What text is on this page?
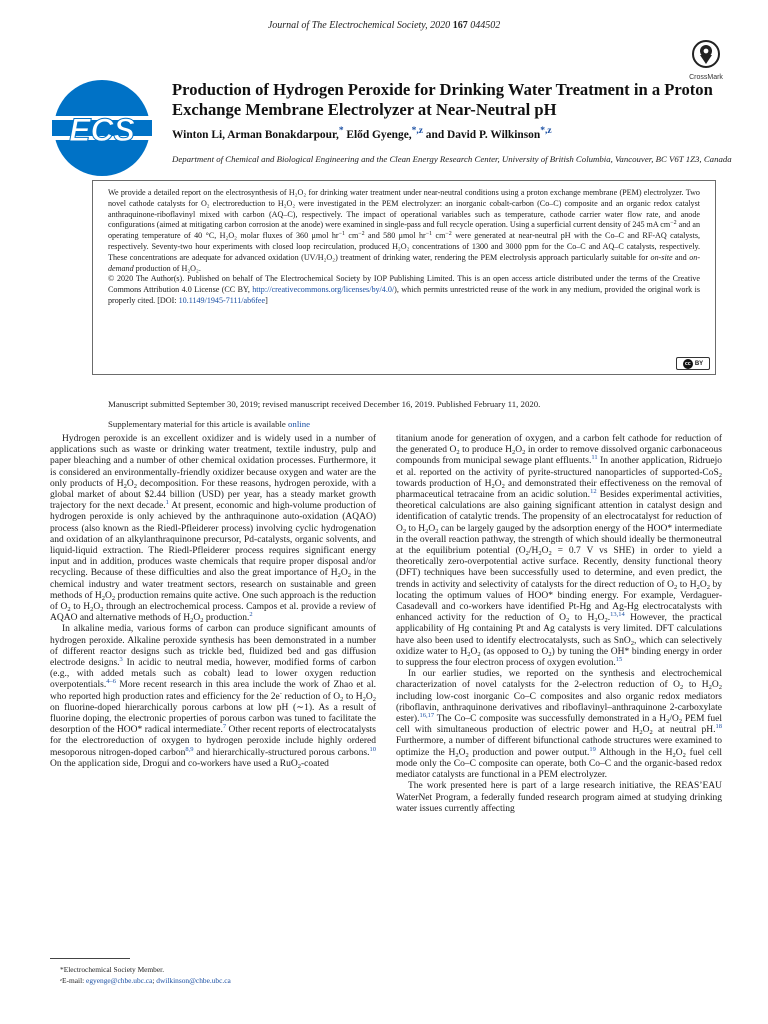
Journal of The Electrochemical Society, 2020 167 044502
ECS
CrossMark
Production of Hydrogen Peroxide for Drinking Water Treatment in a Proton Exchange Membrane Electrolyzer at Near-Neutral pH
Winton Li, Arman Bonakdarpour,* Előd Gyenge,$^{*,z}$ and David P. Wilkinson$^{*,z}$
Department of Chemical and Biological Engineering and the Clean Energy Research Center, University of British Columbia, Vancouver, BC V6T 1Z3, Canada

We provide a detailed report on the electrosynthesis of H₂O₂ for drinking water treatment under near-neutral conditions using a proton exchange membrane (PEM) electrolyzer. Two novel cathode catalysts for O₂ electroreduction to H₂O₂ were investigated in the PEM electrolyzer: an inorganic cobalt-carbon (Co–C) composite and an organic redox catalyst anthraquinone-riboflavinyl mixed with carbon (AQ–C), respectively. The impact of operational variables such as temperature, cathode carrier water flow rate, and anode configurations (aimed at mitigating carbon corrosion at the anode) were examined in single-pass and full recycle operation. Using a superficial current density of 245 mA $cm^{-2}$ and an operating temperature of 40 °C, H₂O₂ molar fluxes of 360 μmol $hr^{-1}$ $cm^{-2}$ and 580 μmol $hr^{-1}$ $cm^{-2}$ were generated at near-neutral pH with the Co–C and RF-AQ catalysts, respectively. Seventy-two hour experiments with closed loop recirculation, produced H₂O₂ concentrations of 1300 and 3000 ppm for the Co–C and AQ–C catalysts, respectively. These concentrations are adequate for advanced oxidation (UV/H₂O₂) treatment of drinking water, rendering the PEM electrolysis approach particularly suitable for on-site and on-demand production of H₂O₂.
© 2020 The Author(s). Published on behalf of The Electrochemical Society by IOP Publishing Limited. This is an open access article distributed under the terms of the Creative Commons Attribution 4.0 License (CC BY, http://creativecommons.org/licenses/by/4.0/), which permits unrestricted reuse of the work in any medium, provided the original work is properly cited. [DOI: 10.1149/1945-7111/ab6fee]

cc BY
Manuscript submitted September 30, 2019; revised manuscript received December 16, 2019. Published February 11, 2020.
Supplementary material for this article is available online

Hydrogen peroxide is an excellent oxidizer and is widely used in a number of applications such as waste or drinking water treatment, textile industry, pulp and paper bleaching and a number of other chemical oxidation processes. Furthermore, it is considered an environmentally-friendly oxidizer because oxygen and water are the only products of $H_2O_2$ decomposition. For these reasons, hydrogen peroxide, with a global market of about $2.44 billion (USD) per year, has a steady market growth trajectory for the next decade.$^1$ At present, economic and high-volume production of hydrogen peroxide is only achieved by the anthraquinone auto-oxidation (AQAO) process (also known as the Riedl-Pfleiderer process) involving cyclic hydrogenation and oxidation of an alkylanthraquinone precursor, Pd-catalysts, organic solvents, and liquid-liquid extraction. The Riedl-Pfleiderer process requires significant energy input and in addition, produces waste chemicals that require proper disposal and/or recycling. Because of these difficulties and also the great importance of $H_2O_2$ in the chemical industry and water treatment sectors, research on sustainable and green methods of $H_2O_2$ production remains quite active. One such approach is the reduction of $O_2$ to $H_2O_2$ through an electrochemical process. Campos et al. provide a review of AQAO and alternative methods of $H_2O_2$ production.$^2$

In alkaline media, various forms of carbon can produce significant amounts of hydrogen peroxide. Alkaline peroxide synthesis has been demonstrated in a number of different reactor designs such as trickle bed, fluidized bed and gas diffusion electrode designs.$^3$ In acidic to neutral media, however, modified forms of carbon (e.g., with added metals such as cobalt) lead to lower oxygen reduction overpotentials.$^{4-6}$ More recent research in this area include the work of Zhao et al. who reported high production rates and efficiency for the 2e- reduction of $O_2$ to $H_2O_2$ on fluorine-doped hierarchically porous carbons at low pH (∼1). As a result of fluorine doping, the electronic properties of porous carbon was tuned to facilitate the desorption of the HOO* radical intermediate.$^7$ Other recent reports of electrocatalysts for the electroreduction of oxygen to hydrogen peroxide include highly ordered mesoporous nitrogen-doped carbon$^{8,9}$ and hierarchically-structured porous carbons.$^{10}$ On the application side, Drogui and co-workers have used a RuO$_2$-coated

titanium anode for generation of oxygen, and a carbon felt cathode for reduction of the generated $O_2$ to produce $H_2O_2$ in order to remove dissolved organic carbonaceous compounds from municipal sewage plant effluents.$^{11}$ In another application, Ridruejo et al. reported on the activity of pyrite-structured nanoparticles of supported-CoS$_2$ towards production of $H_2O_2$ and demonstrated their effectiveness on the removal of pharmaceutical tetracaine from an acidic solution.$^{12}$ Besides experimental activities, theoretical calculations are also gaining significant attention in catalyst design and identification of catalytic trends. The propensity of an electrocatalyst for reduction of $O_2$ to $H_2O_2$ can be largely gauged by the adsorption energy of the HOO* intermediate in the overall reaction pathway, the strength of which should ideally be thermoneutral at the equilibrium potential ($O_2/H_2O_2 = 0.7$ V vs SHE) in order to yield a theoretically zero-overpotential active surface. Recently, density functional theory (DFT) techniques have been successfully used to determine, and even predict, the trends in activity and selectivity of catalysts for the direct reduction of $O_2$ to $H_2O_2$ by locating the optimum values of HOO* binding energy. For example, Verdaguer-Casadevall and co-workers have identified Pt-Hg and Ag-Hg electrocatalysts with enhanced activity for the reduction of $O_2$ to $H_2O_2.^{13,14}$ However, the practical applicability of Hg containing Pt and Ag catalysts is very limited. DFT calculations have also been used to identify electrocatalysts, such as SnO$_2$, which can selectively oxidize water to $H_2O_2$ (as opposed to $O_2$) by tuning the OH* binding energy in order to suppress the four electron process of oxygen evolution.$^{15}$

In our earlier studies, we reported on the synthesis and electrochemical characterization of novel catalysts for the 2-electron reduction of $O_2$ to $H_2O_2$ including low-cost inorganic Co–C composites and also organic redox mediators (riboflavin, anthraquinone derivatives and riboflavinyl–anthraquinone 2-carboxylate ester).$^{16,17}$ The Co–C composite was successfully demonstrated in a $H_2/O_2$ PEM fuel cell with simultaneous production of electric power and $H_2O_2$ at neutral pH.$^{18}$ Furthermore, a number of different bifunctional cathode structures were examined to optimize the $H_2O_2$ production and power output.$^{19}$ Although in the $H_2O_2$ fuel cell mode only the Co–C composite can operate, both Co–C and the organic-based redox mediator catalysts are functional in a PEM electrolyzer.

The work presented here is part of a large research initiative, the REAS’EAU WaterNet Program, a federally funded research program aimed at studying drinking water issues currently affecting

*Electrochemical Society Member.
ᶻE-mail: egyenge@chbe.ubc.ca; dwilkinson@chbe.ubc.ca
